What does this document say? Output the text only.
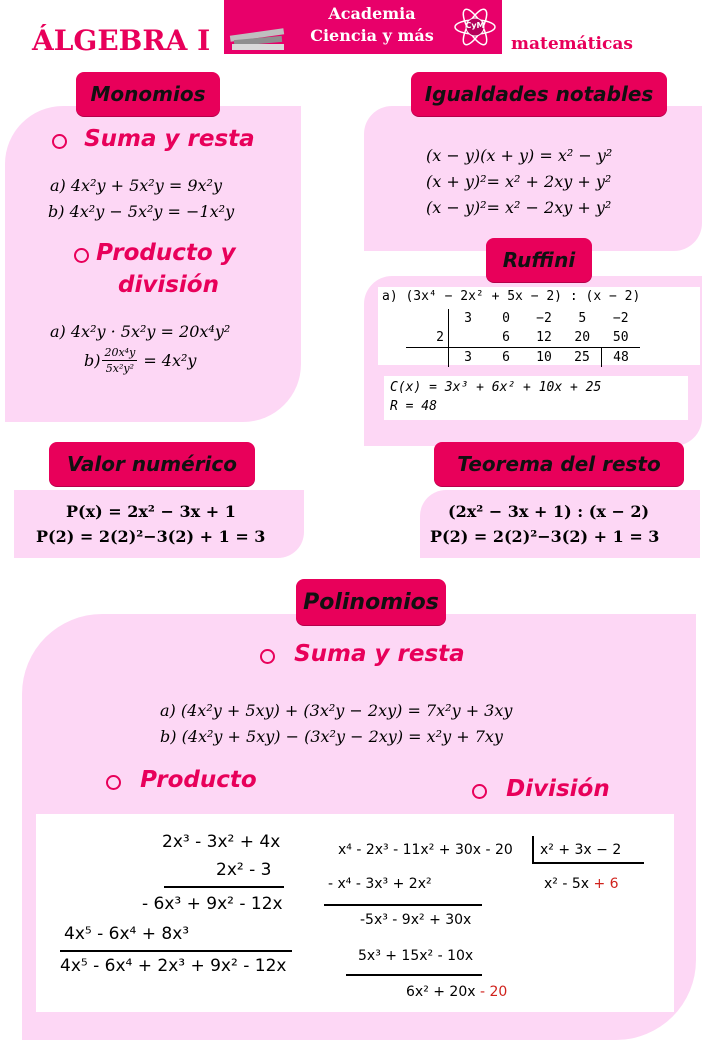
ÁLGEBRA I
Academia
Ciencia y más
CyM
matemáticas
Monomios
Suma y resta
a) 4x²y + 5x²y = 9x²y
b) 4x²y − 5x²y = −1x²y
Producto y
división
a) 4x²y · 5x²y = 20x⁴y²
$b) \frac{\text{20x⁴y}}{\text{5x²y²}} = 4x^2y$
Igualdades notables
(x − y)(x + y) = x² − y²
(x + y)²= x² + 2xy + y²
(x − y)²= x² − 2xy + y²
Ruffini
a) (3x⁴ − 2x² + 5x − 2) : (x − 2)
	3	0	−2	5	−2
2		6	12	20	50
	3	6	10	25	48
C(x) = 3x³ + 6x² + 10x + 25
R = 48
Valor numérico
P(x) = 2x² − 3x + 1
P(2) = 2(2)²−3(2) + 1 = 3
Teorema del resto
(2x² − 3x + 1) : (x − 2)
P(2) = 2(2)²−3(2) + 1 = 3
Polinomios
Suma y resta
a) (4x²y + 5xy) + (3x²y − 2xy) = 7x²y + 3xy
b) (4x²y + 5xy) − (3x²y − 2xy) = x²y + 7xy
Producto	División
2x³ - 3x² + 4x
2x² - 3
- 6x³ + 9x² - 12x
4x⁵ - 6x⁴ + 8x³
4x⁵ - 6x⁴ + 2x³ + 9x² - 12x
x⁴ - 2x³ - 11x² + 30x - 20 x² + 3x − 2
x² - 5x + 6
- x⁴ - 3x³ + 2x²
-5x³ - 9x² + 30x
5x³ + 15x² - 10x
6x² + 20x - 20
